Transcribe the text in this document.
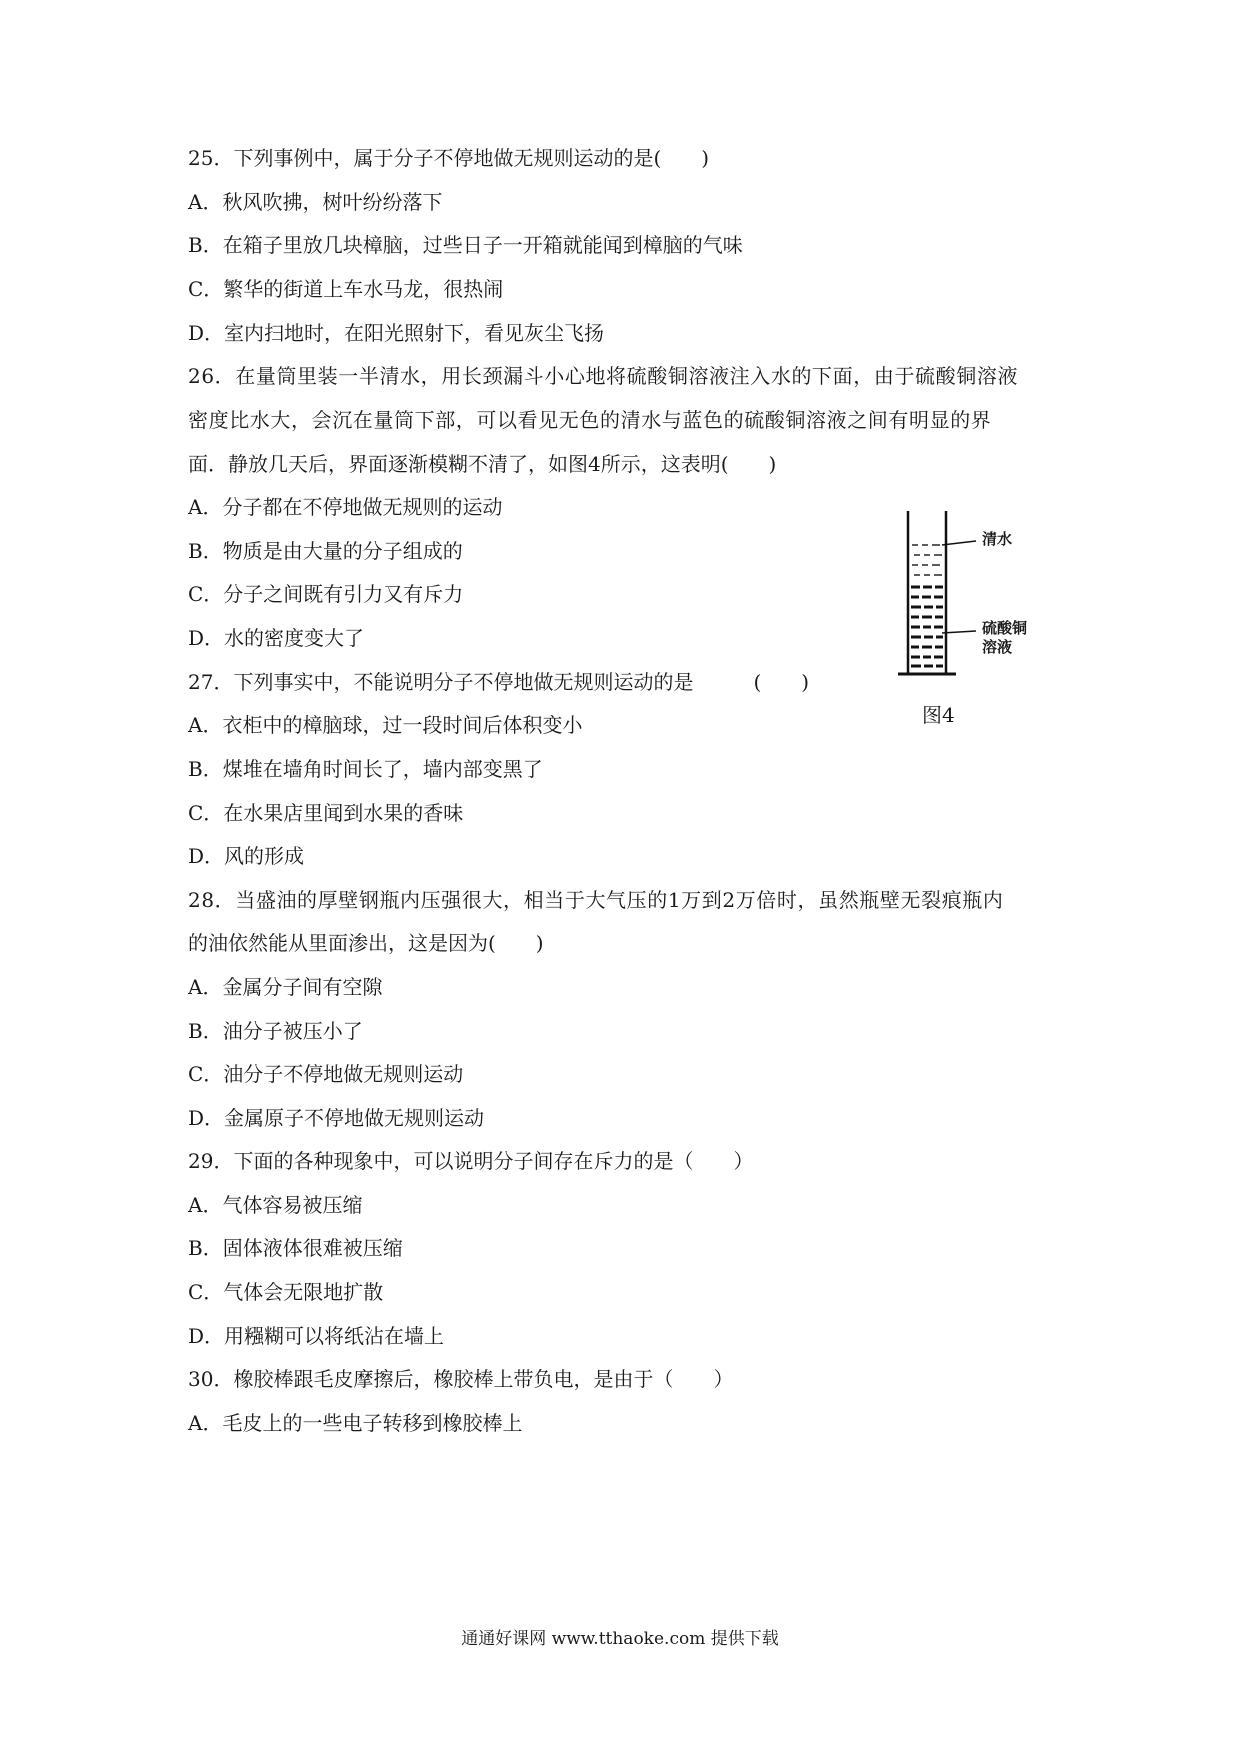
25．下列事例中，属于分子不停地做无规则运动的是(　　)
A．秋风吹拂，树叶纷纷落下
B．在箱子里放几块樟脑，过些日子一开箱就能闻到樟脑的气味
C．繁华的街道上车水马龙，很热闹
D．室内扫地时，在阳光照射下，看见灰尘飞扬
26．在量筒里装一半清水，用长颈漏斗小心地将硫酸铜溶液注入水的下面，由于硫酸铜溶液
密度比水大，会沉在量筒下部，可以看见无色的清水与蓝色的硫酸铜溶液之间有明显的界
面．静放几天后，界面逐渐模糊不清了，如图4所示，这表明(　　)
A．分子都在不停地做无规则的运动
B．物质是由大量的分子组成的
C．分子之间既有引力又有斥力
D．水的密度变大了
清水
硫酸铜
溶液
图4
27．下列事实中，不能说明分子不停地做无规则运动的是　　　(　　)
A．衣柜中的樟脑球，过一段时间后体积变小
B．煤堆在墙角时间长了，墙内部变黑了
C．在水果店里闻到水果的香味
D．风的形成
28．当盛油的厚壁钢瓶内压强很大，相当于大气压的1万到2万倍时，虽然瓶壁无裂痕瓶内
的油依然能从里面渗出，这是因为(　　)
A．金属分子间有空隙
B．油分子被压小了
C．油分子不停地做无规则运动
D．金属原子不停地做无规则运动
29．下面的各种现象中，可以说明分子间存在斥力的是（　　）
A．气体容易被压缩
B．固体液体很难被压缩
C．气体会无限地扩散
D．用糨糊可以将纸沾在墙上
30．橡胶棒跟毛皮摩擦后，橡胶棒上带负电，是由于（　　）
A．毛皮上的一些电子转移到橡胶棒上
通通好课网 www.tthaoke.com 提供下载
